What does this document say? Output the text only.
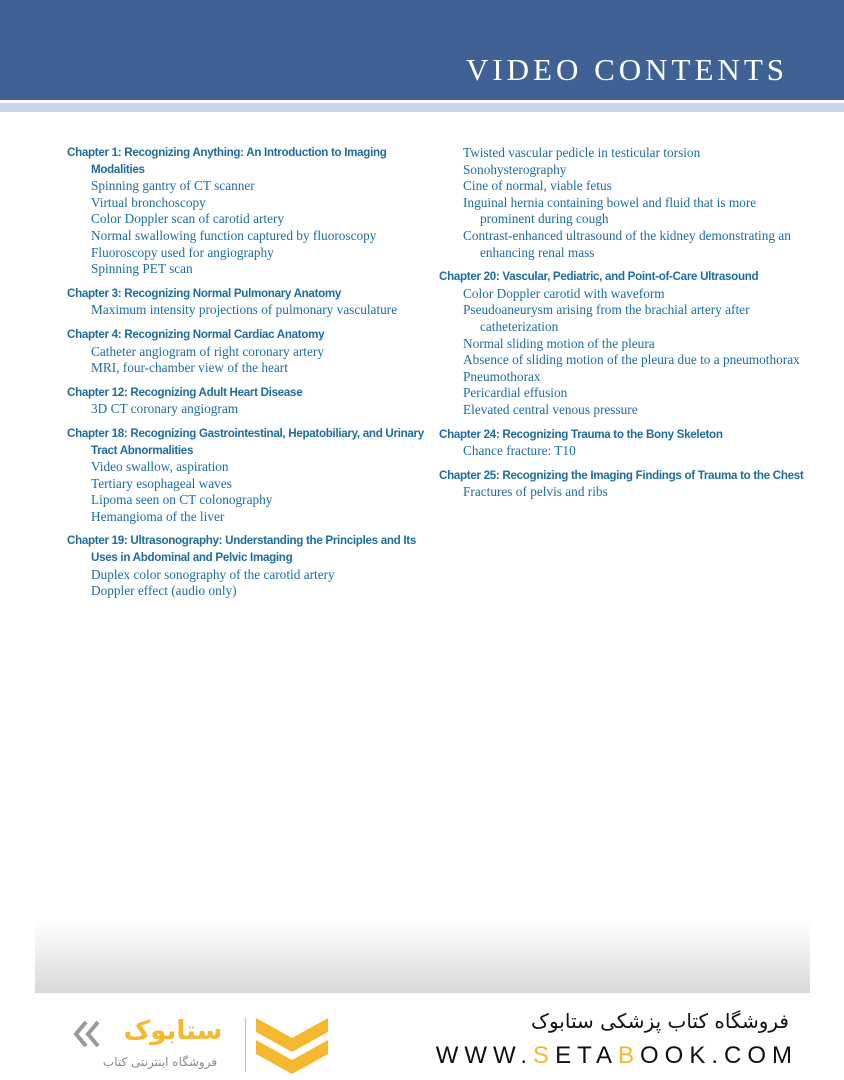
VIDEO CONTENTS
Chapter 1: Recognizing Anything: An Introduction to Imaging Modalities
Spinning gantry of CT scanner
Virtual bronchoscopy
Color Doppler scan of carotid artery
Normal swallowing function captured by fluoroscopy
Fluoroscopy used for angiography
Spinning PET scan
Chapter 3: Recognizing Normal Pulmonary Anatomy
Maximum intensity projections of pulmonary vasculature
Chapter 4: Recognizing Normal Cardiac Anatomy
Catheter angiogram of right coronary artery
MRI, four-chamber view of the heart
Chapter 12: Recognizing Adult Heart Disease
3D CT coronary angiogram
Chapter 18: Recognizing Gastrointestinal, Hepatobiliary, and Urinary Tract Abnormalities
Video swallow, aspiration
Tertiary esophageal waves
Lipoma seen on CT colonography
Hemangioma of the liver
Chapter 19: Ultrasonography: Understanding the Principles and Its Uses in Abdominal and Pelvic Imaging
Duplex color sonography of the carotid artery
Doppler effect (audio only)
Twisted vascular pedicle in testicular torsion
Sonohysterography
Cine of normal, viable fetus
Inguinal hernia containing bowel and fluid that is more prominent during cough
Contrast-enhanced ultrasound of the kidney demonstrating an enhancing renal mass
Chapter 20: Vascular, Pediatric, and Point-of-Care Ultrasound
Color Doppler carotid with waveform
Pseudoaneurysm arising from the brachial artery after catheterization
Normal sliding motion of the pleura
Absence of sliding motion of the pleura due to a pneumothorax
Pneumothorax
Pericardial effusion
Elevated central venous pressure
Chapter 24: Recognizing Trauma to the Bony Skeleton
Chance fracture: T10
Chapter 25: Recognizing the Imaging Findings of Trauma to the Chest
Fractures of pelvis and ribs
ستابوک
فروشگاه اینترنتی کتاب
فروشگاه کتاب پزشکی ستابوک
WWW.SETABOOK.COM
